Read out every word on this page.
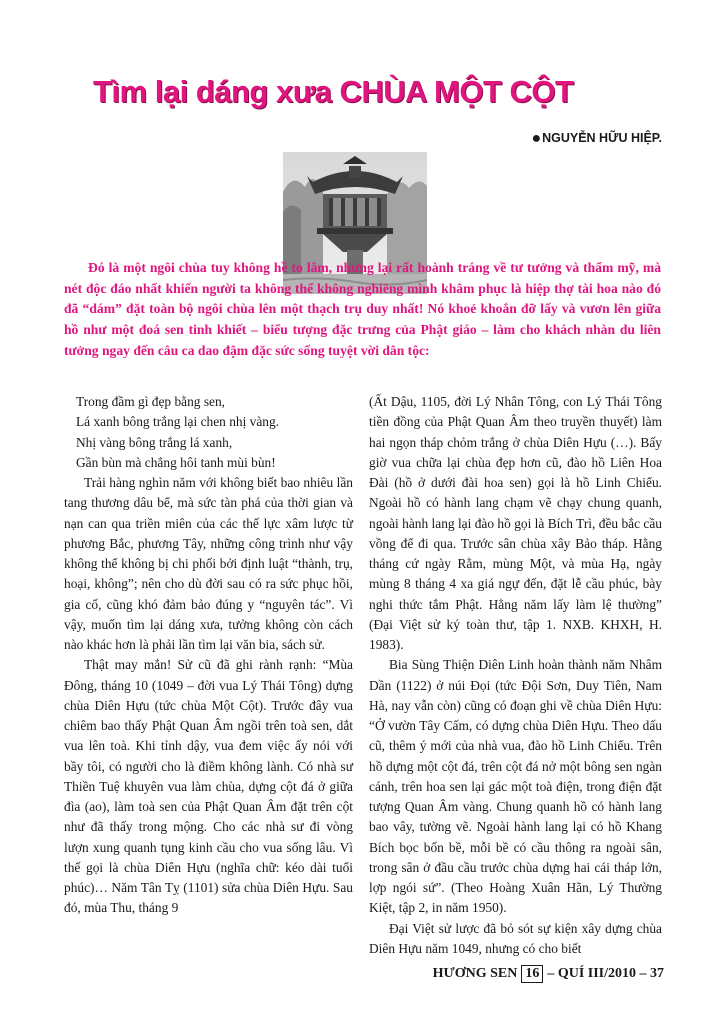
Tìm lại dáng xưa CHÙA MỘT CỘT
●NGUYỄN HỮU HIỆP.
Đó là một ngôi chùa tuy không hề to lắm, nhưng lại rất hoành tráng về tư tưởng và thẩm mỹ, mà nét độc đáo nhất khiến người ta không thể không nghiêng mình khâm phục là hiệp thợ tài hoa nào đó đã “dám” đặt toàn bộ ngôi chùa lên một thạch trụ duy nhất! Nó khoẻ khoắn đỡ lấy và vươn lên giữa hồ như một đoá sen tinh khiết – biểu tượng đặc trưng của Phật giáo – làm cho khách nhàn du liên tưởng ngay đến câu ca dao đậm đặc sức sống tuyệt vời dân tộc:
Trong đầm gì đẹp bằng sen,
Lá xanh bông trắng lại chen nhị vàng.
Nhị vàng bông trắng lá xanh,
Gần bùn mà chẳng hôi tanh mùi bùn!

Trải hàng nghìn năm với không biết bao nhiêu lần tang thương dâu bể, mà sức tàn phá của thời gian và nạn can qua triền miên của các thế lực xâm lược từ phương Bắc, phương Tây, những công trình như vậy không thể không bị chi phối bởi định luật “thành, trụ, hoại, không”; nên cho dù đời sau có ra sức phục hồi, gia cố, cũng khó đảm bảo đúng y “nguyên tác”. Vì vậy, muốn tìm lại dáng xưa, tưởng không còn cách nào khác hơn là phải lần tìm lại văn bia, sách sử.

Thật may mắn! Sử cũ đã ghi rành rạnh: “Mùa Đông, tháng 10 (1049 – đời vua Lý Thái Tông) dựng chùa Diên Hựu (tức chùa Một Cột). Trước đây vua chiêm bao thấy Phật Quan Âm ngồi trên toà sen, dắt vua lên toà. Khi tỉnh dậy, vua đem việc ấy nói với bầy tôi, có người cho là điềm không lành. Có nhà sư Thiền Tuệ khuyên vua làm chùa, dựng cột đá ở giữa đìa (ao), làm toà sen của Phật Quan Âm đặt trên cột như đã thấy trong mộng. Cho các nhà sư đi vòng lượn xung quanh tụng kinh cầu cho vua sống lâu. Vì thế gọi là chùa Diên Hựu (nghĩa chữ: kéo dài tuổi phúc)… Năm Tân Tỵ (1101) sửa chùa Diên Hựu. Sau đó, mùa Thu, tháng 9

(Ất Dậu, 1105, đời Lý Nhân Tông, con Lý Thái Tông tiền đồng của Phật Quan Âm theo truyền thuyết) làm hai ngọn tháp chỏm trắng ở chùa Diên Hựu (…). Bấy giờ vua chữa lại chùa đẹp hơn cũ, đào hồ Liên Hoa Đài (hồ ở dưới đài hoa sen) gọi là hồ Linh Chiểu. Ngoài hồ có hành lang chạm vẽ chạy chung quanh, ngoài hành lang lại đào hồ gọi là Bích Trì, đều bắc cầu vồng để đi qua. Trước sân chùa xây Bảo tháp. Hằng tháng cứ ngày Rằm, mùng Một, và mùa Hạ, ngày mùng 8 tháng 4 xa giá ngự đến, đặt lễ cầu phúc, bày nghi thức tắm Phật. Hằng năm lấy làm lệ thường” (Đại Việt sử ký toàn thư, tập 1. NXB. KHXH, H. 1983).

Bia Sùng Thiện Diên Linh hoàn thành năm Nhâm Dần (1122) ở núi Đọi (tức Đội Sơn, Duy Tiên, Nam Hà, nay vẫn còn) cũng có đoạn ghi về chùa Diên Hựu: “Ở vườn Tây Cấm, có dựng chùa Diên Hựu. Theo dấu cũ, thêm ý mới của nhà vua, đào hồ Linh Chiểu. Trên hồ dựng một cột đá, trên cột đá nở một bông sen ngàn cánh, trên hoa sen lại gác một toà điện, trong điện đặt tượng Quan Âm vàng. Chung quanh hồ có hành lang bao vây, tường vẽ. Ngoài hành lang lại có hồ Khang Bích bọc bốn bề, mỗi bề có cầu thông ra ngoài sân, trong sân ở đầu cầu trước chùa dựng hai cái tháp lớn, lợp ngói sứ”. (Theo Hoàng Xuân Hãn, Lý Thường Kiệt, tập 2, in năm 1950).

Đại Việt sử lược đã bỏ sót sự kiện xây dựng chùa Diên Hựu năm 1049, nhưng có cho biết

HƯƠNG SEN 16 – QUÍ III/2010 – 37
